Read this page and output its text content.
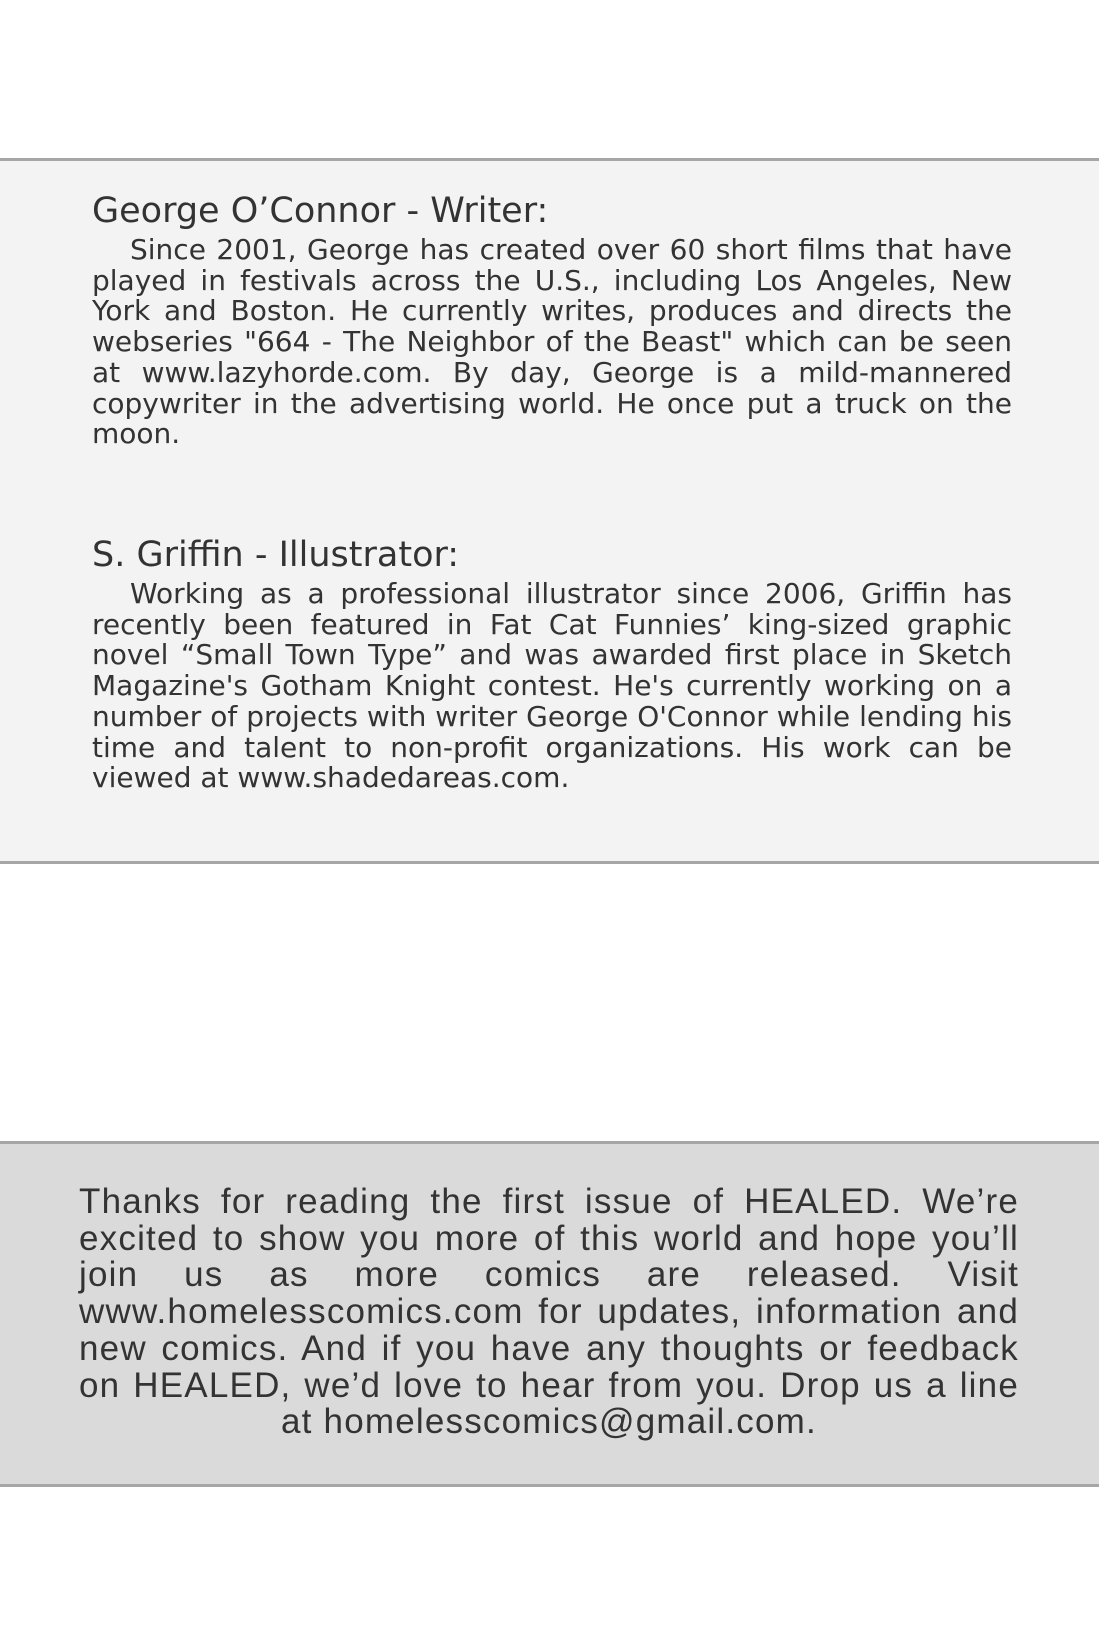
George O’Connor - Writer:

Since 2001, George has created over 60 short films that have played in festivals across the U.S., including Los Angeles, New York and Boston. He currently writes, produces and directs the webseries "664 - The Neighbor of the Beast" which can be seen at www.lazyhorde.com. By day, George is a mild-mannered copywriter in the advertising world. He once put a truck on the moon.

S. Griffin - Illustrator:

Working as a professional illustrator since 2006, Griffin has recently been featured in Fat Cat Funnies’ king-sized graphic novel “Small Town Type” and was awarded first place in Sketch Magazine's Gotham Knight contest. He's currently working on a number of projects with writer George O'Connor while lending his time and talent to non-profit organizations. His work can be viewed at www.shadedareas.com.

Thanks for reading the first issue of HEALED. We’re excited to show you more of this world and hope you’ll join us as more comics are released. Visit www.homelesscomics.com for updates, information and new comics. And if you have any thoughts or feedback on HEALED, we’d love to hear from you. Drop us a line at homelesscomics@gmail.com.
